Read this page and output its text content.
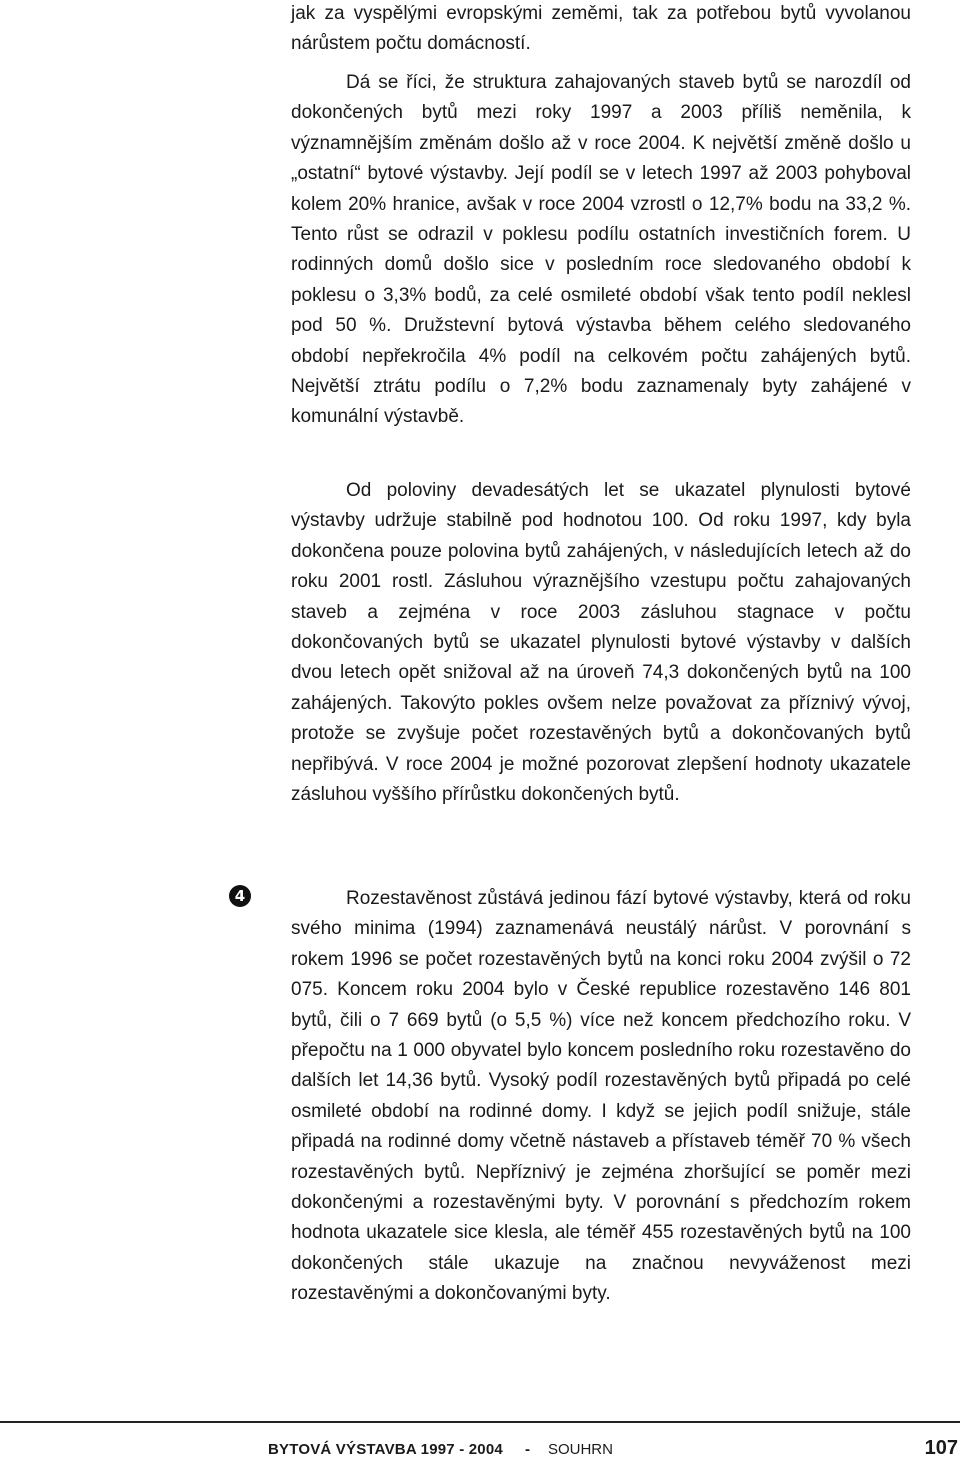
jak za vyspělými evropskými zeměmi, tak za potřebou bytů vyvolanou nárůstem počtu domácností.

Dá se říci, že struktura zahajovaných staveb bytů se narozdíl od dokončených bytů mezi roky 1997 a 2003 příliš neměnila, k významnějším změnám došlo až v roce 2004. K největší změně došlo u „ostatní“ bytové výstavby. Její podíl se v letech 1997 až 2003 pohyboval kolem 20% hranice, avšak v roce 2004 vzrostl o 12,7% bodu na 33,2 %. Tento růst se odrazil v poklesu podílu ostatních investičních forem. U rodinných domů došlo sice v posledním roce sledovaného období k poklesu o 3,3% bodů, za celé osmileté období však tento podíl neklesl pod 50 %. Družstevní bytová výstavba během celého sledovaného období nepřekročila 4% podíl na celkovém počtu zahájených bytů. Největší ztrátu podílu o 7,2% bodu zaznamenaly byty zahájené v komunální výstavbě.

Od poloviny devadesátých let se ukazatel plynulosti bytové výstavby udržuje stabilně pod hodnotou 100. Od roku 1997, kdy byla dokončena pouze polovina bytů zahájených, v následujících letech až do roku 2001 rostl. Zásluhou výraznějšího vzestupu počtu zahajovaných staveb a zejména v roce 2003 zásluhou stagnace v počtu dokončovaných bytů se ukazatel plynulosti bytové výstavby v dalších dvou letech opět snižoval až na úroveň 74,3 dokončených bytů na 100 zahájených. Takovýto pokles ovšem nelze považovat za příznivý vývoj, protože se zvyšuje počet rozestavěných bytů a dokončovaných bytů nepřibývá. V roce 2004 je možné pozorovat zlepšení hodnoty ukazatele zásluhou vyššího přírůstku dokončených bytů.

Rozestavěnost zůstává jedinou fází bytové výstavby, která od roku svého minima (1994) zaznamenává neustálý nárůst. V porovnání s rokem 1996 se počet rozestavěných bytů na konci roku 2004 zvýšil o 72 075. Koncem roku 2004 bylo v České republice rozestavěno 146 801 bytů, čili o 7 669 bytů (o 5,5 %) více než koncem předchozího roku. V přepočtu na 1 000 obyvatel bylo koncem posledního roku rozestavěno do dalších let 14,36 bytů. Vysoký podíl rozestavěných bytů připadá po celé osmileté období na rodinné domy. I když se jejich podíl snižuje, stále připadá na rodinné domy včetně nástaveb a přístaveb téměř 70 % všech rozestavěných bytů. Nepříznivý je zejména zhoršující se poměr mezi dokončenými a rozestavěnými byty. V porovnání s předchozím rokem hodnota ukazatele sice klesla, ale téměř 455 rozestavěných bytů na 100 dokončených stále ukazuje na značnou nevyváženost mezi rozestavěnými a dokončovanými byty.

4
BYTOVÁ VÝSTAVBA 1997 - 2004 - SOUHRN	107
